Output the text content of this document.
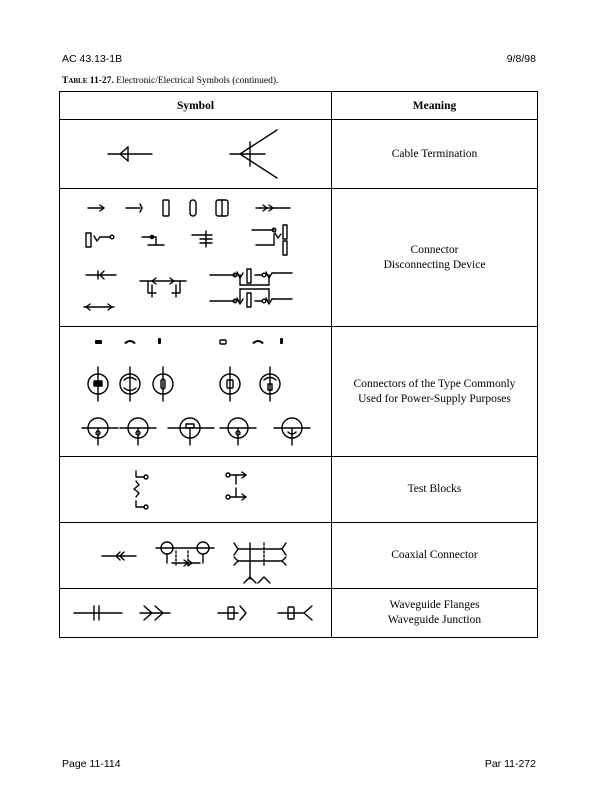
AC 43.13-1B	9/8/98
Table 11-27. Electronic/Electrical Symbols (continued).
Symbol	Meaning

Cable Termination

Connector
Disconnecting Device

Connectors of the Type Commonly
Used for Power-Supply Purposes

Test Blocks

Coaxial Connector

Waveguide Flanges
Waveguide Junction
Page 11-114	Par 11-272
